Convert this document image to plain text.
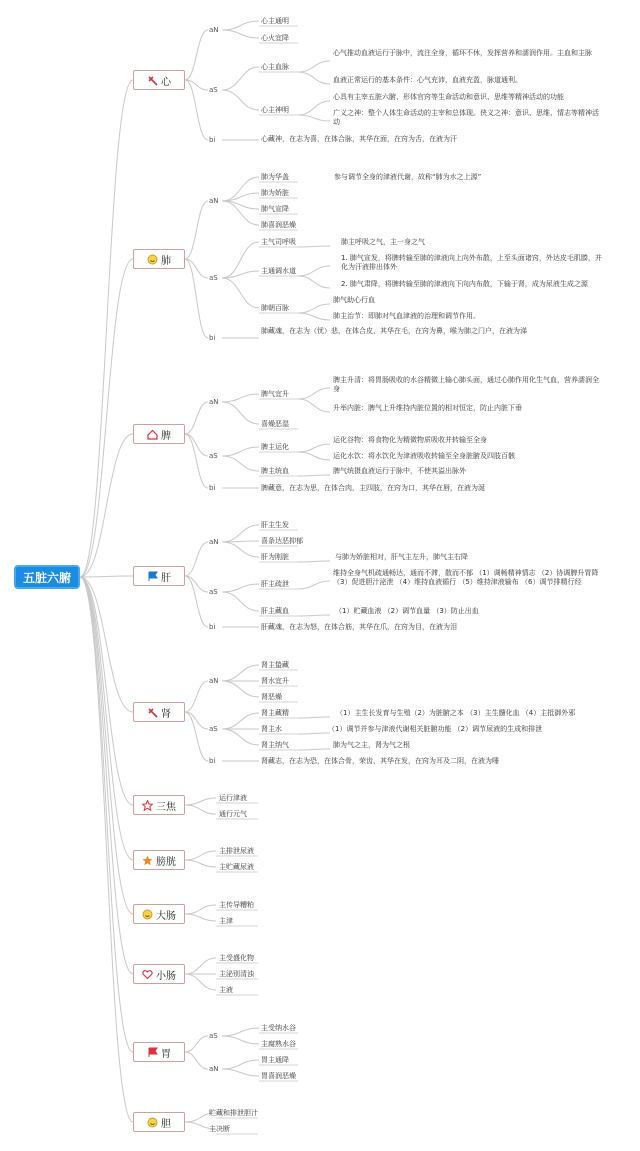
五脏六腑
心
肺
脾
肝
肾
三焦
膀胱
大肠
小肠
胃
胆
aN
aS
bi
aN
aS
bi
aN
aS
bi
aN
aS
bi
aN
aS
bi
aS
aN
心主通明
心火宜降
心主血脉
心气推动血液运行于脉中，流注全身，循环不休，发挥营养和濡润作用。主血和主脉
血液正常运行的基本条件：心气充沛，血液充盈，脉道通利。
心主神明
心具有主宰五脏六腑、形体官窍等生命活动和意识、思维等精神活动的功能
广义之神：整个人体生命活动的主宰和总体现。侠义之神：意识、思维、情志等精神活动
心藏神，在志为喜，在体合脉，其华在面，在窍为舌，在液为汗
肺为华盖	参与调节全身的津液代谢，故称“肺为水之上源”
肺为娇脏
肺气宣降
肺喜润恶燥
主气司呼吸	肺主呼吸之气，主一身之气
主通调水道
1. 肺气宣发，将脾转输至肺的津液向上向外布散，上至头面诸窍，外达皮毛肌腠，并化为汗液排出体外
2. 肺气肃降，将脾转输至肺的津液向下向内布散，下输于肾，成为尿液生成之源
肺朝百脉
肺气助心行血
肺主治节：即肺对气血津液的治理和调节作用。
肺藏魂，在志为（忧）悲，在体合皮，其华在毛，在窍为鼻，喉为肺之门户，在液为涕
脾气宜升
脾主升清：将胃肠吸收的水谷精微上输心肺头面，通过心肺作用化生气血，营养濡润全身
升举内脏：脾气上升维持内脏位置的相对恒定，防止内脏下垂
喜燥恶湿
脾主运化
运化谷物：将食物化为精微物质吸收并转输至全身
运化水饮：将水饮化为津液吸收转输至全身脏腑及四肢百骸
脾主统血	脾气统摄血液运行于脉中，不使其溢出脉外
脾藏意，在志为思，在体合肉，主四肢，在窍为口，其华在唇，在液为涎
肝主生发
喜条达恶抑郁
肝为刚脏	与肺为娇脏相对，肝气主左升，肺气主右降
肝主疏泄
维持全身气机疏通畅达，通而不滞，散而不郁 （1）调畅精神情志 （2）协调脾升胃降 （3）促进胆汁泌泄 （4）维持血液循行 （5）维持津液输布 （6）调节排精行经
肝主藏血	（1）贮藏血液 （2）调节血量 （3）防止出血
肝藏魂，在志为怒，在体合筋，其华在爪，在窍为目，在液为泪
肾主蛰藏
肾水宜升
肾恶燥
肾主藏精	（1）主生长发育与生殖（2）为脏腑之本 （3）主生髓化血 （4）主抵御外邪
肾主水	（1）调节并参与津液代谢相关脏腑功能 （2）调节尿液的生成和排泄
肾主纳气	肺为气之主，肾为气之根
肾藏志，在志为恐，在体合骨，荣齿，其华在发，在窍为耳及二阴，在液为唾
运行津液
通行元气
主排泄尿液
主贮藏尿液
主传导糟粕
主津
主受盛化物
主泌别清浊
主液
主受纳水谷
主腐熟水谷
胃主通降
胃喜润恶燥
贮藏和排泄胆汁
主决断
